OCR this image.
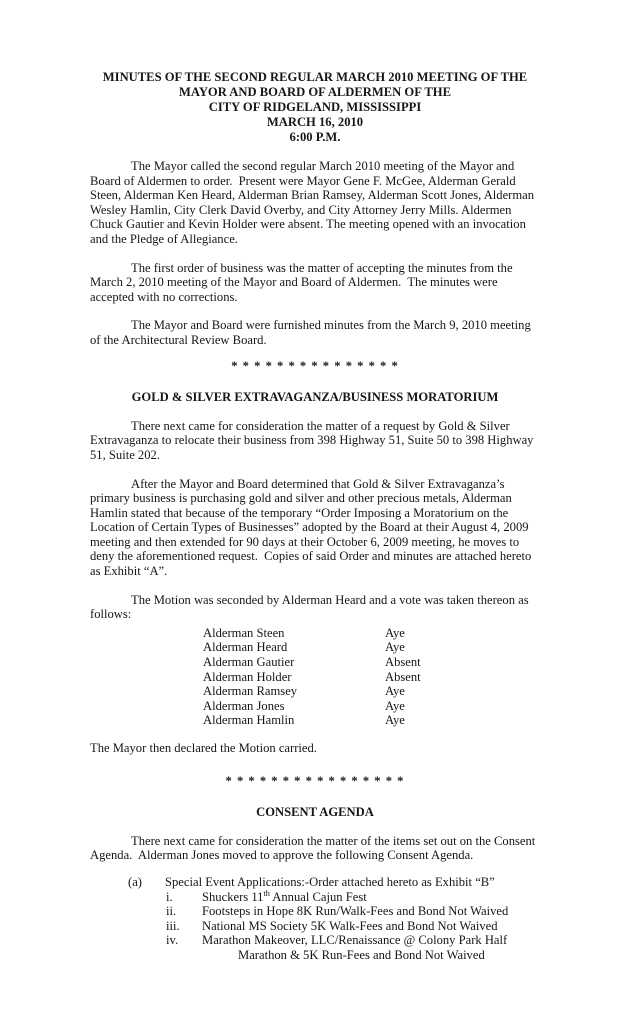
MINUTES OF THE SECOND REGULAR MARCH 2010 MEETING OF THE
MAYOR AND BOARD OF ALDERMEN OF THE
CITY OF RIDGELAND, MISSISSIPPI
MARCH 16, 2010
6:00 P.M.

The Mayor called the second regular March 2010 meeting of the Mayor and Board of Aldermen to order.  Present were Mayor Gene F. McGee, Alderman Gerald Steen, Alderman Ken Heard, Alderman Brian Ramsey, Alderman Scott Jones, Alderman Wesley Hamlin, City Clerk David Overby, and City Attorney Jerry Mills. Aldermen Chuck Gautier and Kevin Holder were absent. The meeting opened with an invocation and the Pledge of Allegiance.

The first order of business was the matter of accepting the minutes from the March 2, 2010 meeting of the Mayor and Board of Aldermen.  The minutes were accepted with no corrections.

The Mayor and Board were furnished minutes from the March 9, 2010 meeting of the Architectural Review Board.

* * * * * * * * * * * * * * *
GOLD & SILVER EXTRAVAGANZA/BUSINESS MORATORIUM

There next came for consideration the matter of a request by Gold & Silver Extravaganza to relocate their business from 398 Highway 51, Suite 50 to 398 Highway 51, Suite 202.

After the Mayor and Board determined that Gold & Silver Extravaganza’s primary business is purchasing gold and silver and other precious metals, Alderman Hamlin stated that because of the temporary “Order Imposing a Moratorium on the Location of Certain Types of Businesses” adopted by the Board at their August 4, 2009 meeting and then extended for 90 days at their October 6, 2009 meeting, he moves to deny the aforementioned request.  Copies of said Order and minutes are attached hereto as Exhibit “A”.

The Motion was seconded by Alderman Heard and a vote was taken thereon as follows:

Alderman Steen	Aye
Alderman Heard	Aye
Alderman Gautier	Absent
Alderman Holder	Absent
Alderman Ramsey	Aye
Alderman Jones	Aye
Alderman Hamlin	Aye

The Mayor then declared the Motion carried.

* * * * * * * * * * * * * * * *
CONSENT AGENDA

There next came for consideration the matter of the items set out on the Consent Agenda.  Alderman Jones moved to approve the following Consent Agenda.

(a)	Special Event Applications:-Order attached hereto as Exhibit “B”
i.	Shuckers 11th Annual Cajun Fest
ii.	Footsteps in Hope 8K Run/Walk-Fees and Bond Not Waived
iii.	National MS Society 5K Walk-Fees and Bond Not Waived
iv.	Marathon Makeover, LLC/Renaissance @ Colony Park Half
Marathon & 5K Run-Fees and Bond Not Waived
